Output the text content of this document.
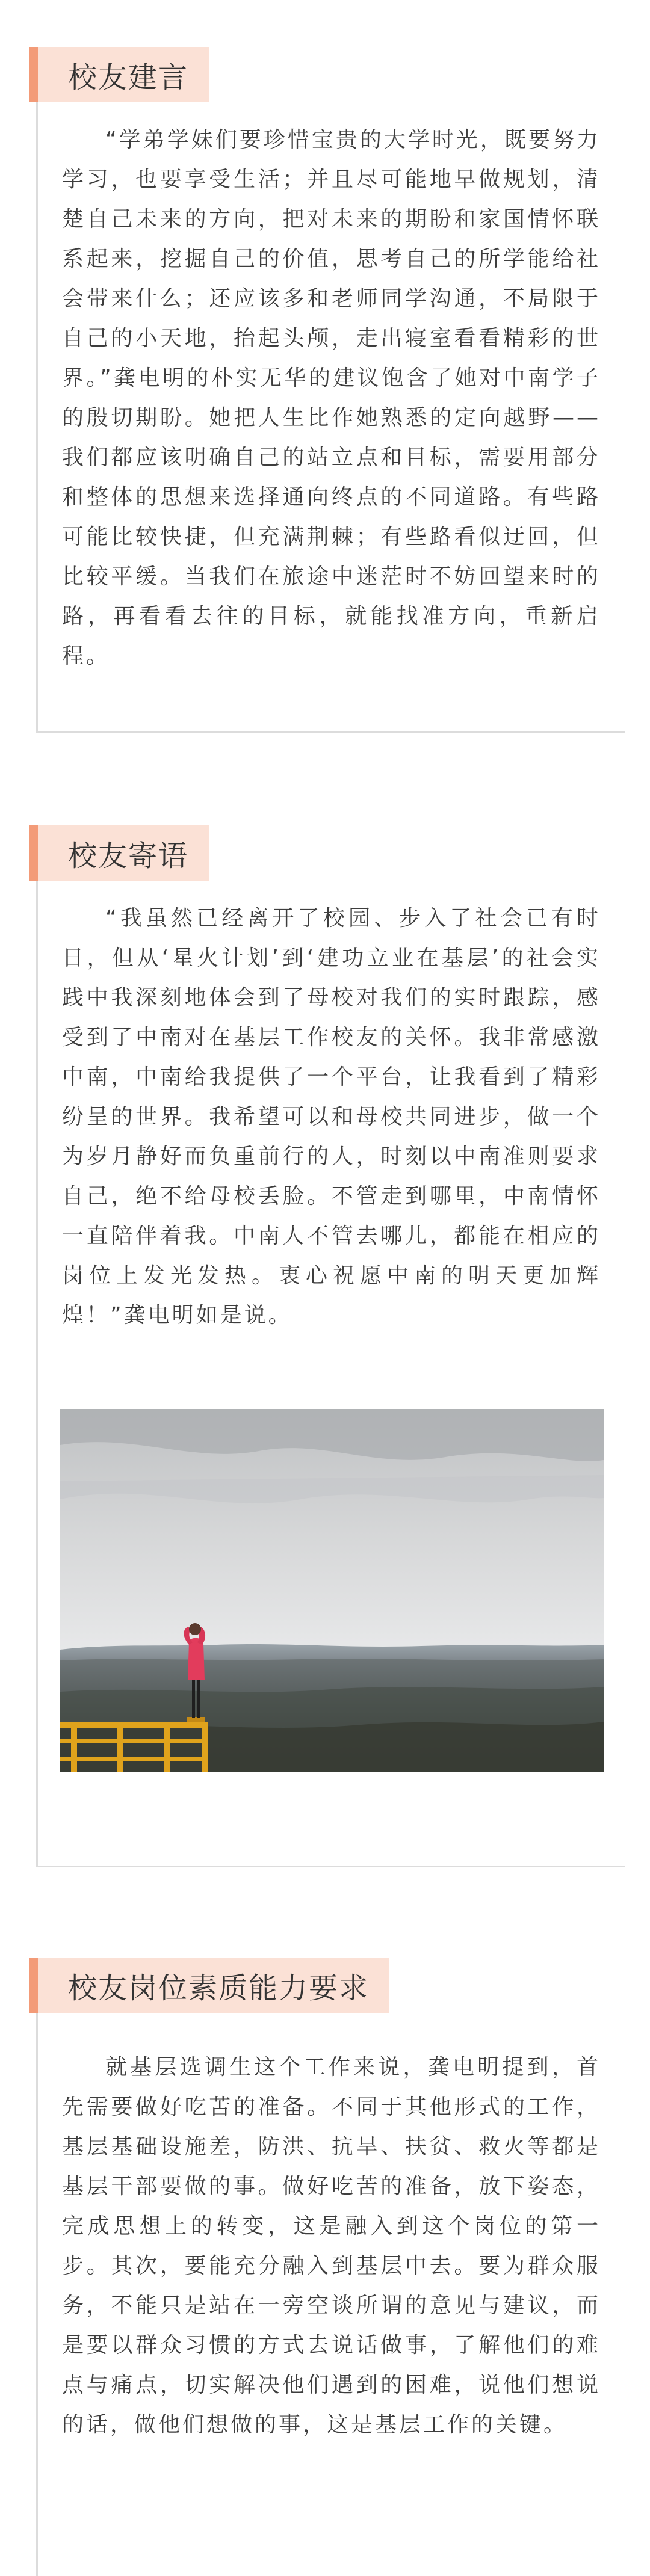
校友建言

“学弟学妹们要珍惜宝贵的大学时光，既要努力学习，也要享受生活；并且尽可能地早做规划，清楚自己未来的方向，把对未来的期盼和家国情怀联系起来，挖掘自己的价值，思考自己的所学能给社会带来什么；还应该多和老师同学沟通，不局限于自己的小天地，抬起头颅，走出寝室看看精彩的世界。”龚电明的朴实无华的建议饱含了她对中南学子的殷切期盼。她把人生比作她熟悉的定向越野——我们都应该明确自己的站立点和目标，需要用部分和整体的思想来选择通向终点的不同道路。有些路可能比较快捷，但充满荆棘；有些路看似迂回，但比较平缓。当我们在旅途中迷茫时不妨回望来时的路，再看看去往的目标，就能找准方向，重新启程。

校友寄语

“我虽然已经离开了校园、步入了社会已有时日，但从‘星火计划’到‘建功立业在基层’的社会实践中我深刻地体会到了母校对我们的实时跟踪，感受到了中南对在基层工作校友的关怀。我非常感激中南，中南给我提供了一个平台，让我看到了精彩纷呈的世界。我希望可以和母校共同进步，做一个为岁月静好而负重前行的人，时刻以中南准则要求自己，绝不给母校丢脸。不管走到哪里，中南情怀一直陪伴着我。中南人不管去哪儿，都能在相应的岗位上发光发热。衷心祝愿中南的明天更加辉煌！”龚电明如是说。

校友岗位素质能力要求

就基层选调生这个工作来说，龚电明提到，首先需要做好吃苦的准备。不同于其他形式的工作，基层基础设施差，防洪、抗旱、扶贫、救火等都是基层干部要做的事。做好吃苦的准备，放下姿态，完成思想上的转变，这是融入到这个岗位的第一步。其次，要能充分融入到基层中去。要为群众服务，不能只是站在一旁空谈所谓的意见与建议，而是要以群众习惯的方式去说话做事，了解他们的难点与痛点，切实解决他们遇到的困难，说他们想说的话，做他们想做的事，这是基层工作的关键。
